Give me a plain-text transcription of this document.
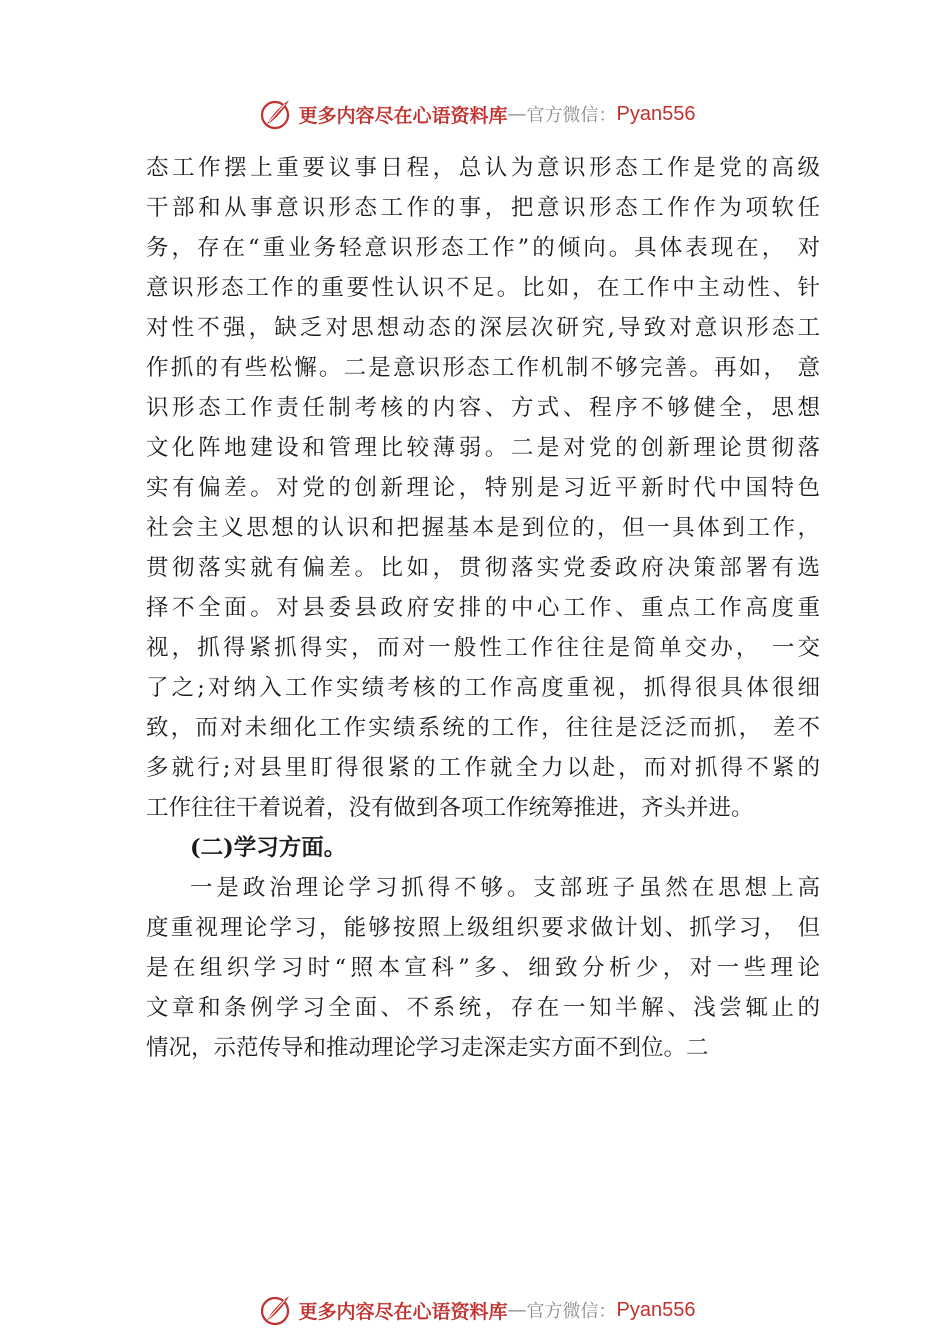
更多内容尽在心语资料库 — 官方微信： Pyan556
态工作摆上重要议事日程，总认为意识形态工作是党的高级
干部和从事意识形态工作的事，把意识形态工作作为项软任
务，存在“重业务轻意识形态工作”的倾向。具体表现在， 对
意识形态工作的重要性认识不足。比如，在工作中主动性、针
对性不强，缺乏对思想动态的深层次研究,导致对意识形态工
作抓的有些松懈。二是意识形态工作机制不够完善。再如， 意
识形态工作责任制考核的内容、方式、程序不够健全，思想
文化阵地建设和管理比较薄弱。二是对党的创新理论贯彻落
实有偏差。对党的创新理论，特别是习近平新时代中国特色
社会主义思想的认识和把握基本是到位的，但一具体到工作，
贯彻落实就有偏差。比如，贯彻落实党委政府决策部署有选
择不全面。对县委县政府安排的中心工作、重点工作高度重
视，抓得紧抓得实，而对一般性工作往往是简单交办， 一交
了之;对纳入工作实绩考核的工作高度重视，抓得很具体很细
致，而对未细化工作实绩系统的工作，往往是泛泛而抓， 差不
多就行;对县里盯得很紧的工作就全力以赴，而对抓得不紧的
工作往往干着说着，没有做到各项工作统筹推进，齐头并进。
(二)学习方面。
一是政治理论学习抓得不够。支部班子虽然在思想上高
度重视理论学习，能够按照上级组织要求做计划、抓学习， 但
是在组织学习时“照本宣科”多、细致分析少，对一些理论
文章和条例学习全面、不系统，存在一知半解、浅尝辄止的
情况，示范传导和推动理论学习走深走实方面不到位。二
更多内容尽在心语资料库 — 官方微信： Pyan556
